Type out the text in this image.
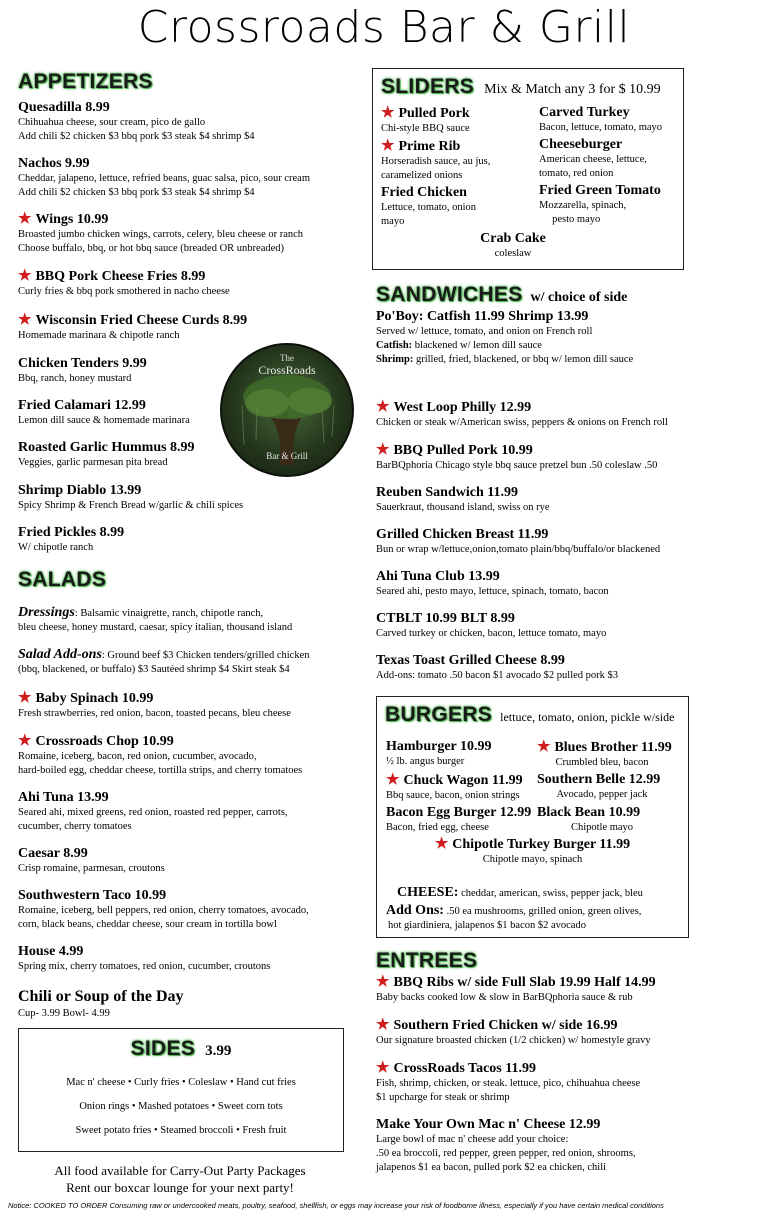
Crossroads Bar & Grill
APPETIZERS
Quesadilla 8.99
Chihuahua cheese, sour cream, pico de gallo
Add chili $2 chicken $3 bbq pork $3 steak $4 shrimp $4
Nachos 9.99
Cheddar, jalapeno, lettuce, refried beans, guac salsa, pico, sour cream
Add chili $2 chicken $3 bbq pork $3 steak $4 shrimp $4
★ Wings 10.99
Broasted jumbo chicken wings, carrots, celery, bleu cheese or ranch
Choose buffalo, bbq, or hot bbq sauce (breaded OR unbreaded)
★ BBQ Pork Cheese Fries 8.99
Curly fries & bbq pork smothered in nacho cheese
★ Wisconsin Fried Cheese Curds 8.99
Homemade marinara & chipotle ranch
Chicken Tenders 9.99
Bbq, ranch, honey mustard
Fried Calamari 12.99
Lemon dill sauce & homemade marinara
Roasted Garlic Hummus 8.99
Veggies, garlic parmesan pita bread
Shrimp Diablo 13.99
Spicy Shrimp & French Bread w/garlic & chili spices
Fried Pickles 8.99
W/ chipotle ranch
The
CrossRoads
Bar & Grill
SALADS
Dressings: Balsamic vinaigrette, ranch, chipotle ranch,
bleu cheese, honey mustard, caesar, spicy italian, thousand island
Salad Add-ons: Ground beef $3 Chicken tenders/grilled chicken
(bbq, blackened, or buffalo) $3 Sautéed shrimp $4 Skirt steak $4
★ Baby Spinach 10.99
Fresh strawberries, red onion, bacon, toasted pecans, bleu cheese
★ Crossroads Chop 10.99
Romaine, iceberg, bacon, red onion, cucumber, avocado,
hard-boiled egg, cheddar cheese, tortilla strips, and cherry tomatoes
Ahi Tuna 13.99
Seared ahi, mixed greens, red onion, roasted red pepper, carrots,
cucumber, cherry tomatoes
Caesar 8.99
Crisp romaine, parmesan, croutons
Southwestern Taco 10.99
Romaine, iceberg, bell peppers, red onion, cherry tomatoes, avocado,
corn, black beans, cheddar cheese, sour cream in tortilla bowl
House 4.99
Spring mix, cherry tomatoes, red onion, cucumber, croutons
Chili or Soup of the Day
Cup- 3.99 Bowl- 4.99
SIDES 3.99
Mac n' cheese • Curly fries • Coleslaw • Hand cut fries
Onion rings • Mashed potatoes • Sweet corn tots
Sweet potato fries • Steamed broccoli • Fresh fruit
All food available for Carry-Out Party Packages
Rent our boxcar lounge for your next party!
Notice: COOKED TO ORDER Consuming raw or undercooked meats, poultry, seafood, shellfish, or eggs may increase your risk of foodborne illness, especially if you have certain medical conditions
SLIDERS Mix & Match any 3 for $ 10.99
★ Pulled Pork
Chi-style BBQ sauce
★ Prime Rib
Horseradish sauce, au jus,
caramelized onions
Fried Chicken
Lettuce, tomato, onion
mayo
Carved Turkey
Bacon, lettuce, tomato, mayo
Cheeseburger
American cheese, lettuce,
tomato, red onion
Fried Green Tomato
Mozzarella, spinach,
pesto mayo
Crab Cake
coleslaw
SANDWICHES w/ choice of side
Po'Boy: Catfish 11.99 Shrimp 13.99
Served w/ lettuce, tomato, and onion on French roll
Catfish: blackened w/ lemon dill sauce
Shrimp: grilled, fried, blackened, or bbq w/ lemon dill sauce
★ West Loop Philly 12.99
Chicken or steak w/American swiss, peppers & onions on French roll
★ BBQ Pulled Pork 10.99
BarBQphoria Chicago style bbq sauce pretzel bun .50 coleslaw .50
Reuben Sandwich 11.99
Sauerkraut, thousand island, swiss on rye
Grilled Chicken Breast 11.99
Bun or wrap w/lettuce,onion,tomato plain/bbq/buffalo/or blackened
Ahi Tuna Club 13.99
Seared ahi, pesto mayo, lettuce, spinach, tomato, bacon
CTBLT 10.99 BLT 8.99
Carved turkey or chicken, bacon, lettuce tomato, mayo
Texas Toast Grilled Cheese 8.99
Add-ons: tomato .50 bacon $1 avocado $2 pulled pork $3
BURGERS lettuce, tomato, onion, pickle w/side
Hamburger 10.99
½ lb. angus burger
★ Blues Brother 11.99
Crumbled bleu, bacon
★ Chuck Wagon 11.99
Bbq sauce, bacon, onion strings
Southern Belle 12.99
Avocado, pepper jack
Bacon Egg Burger 12.99
Bacon, fried egg, cheese
Black Bean 10.99
Chipotle mayo
★ Chipotle Turkey Burger 11.99
Chipotle mayo, spinach
CHEESE: cheddar, american, swiss, pepper jack, bleu
Add Ons: .50 ea mushrooms, grilled onion, green olives,
hot giardiniera, jalapenos $1 bacon $2 avocado
ENTREES
★ BBQ Ribs w/ side Full Slab 19.99 Half 14.99
Baby backs cooked low & slow in BarBQphoria sauce & rub
★ Southern Fried Chicken w/ side 16.99
Our signature broasted chicken (1/2 chicken) w/ homestyle gravy
★ CrossRoads Tacos 11.99
Fish, shrimp, chicken, or steak. lettuce, pico, chihuahua cheese
$1 upcharge for steak or shrimp
Make Your Own Mac n' Cheese 12.99
Large bowl of mac n' cheese add your choice:
.50 ea broccoli, red pepper, green pepper, red onion, shrooms,
jalapenos $1 ea bacon, pulled pork $2 ea chicken, chili
